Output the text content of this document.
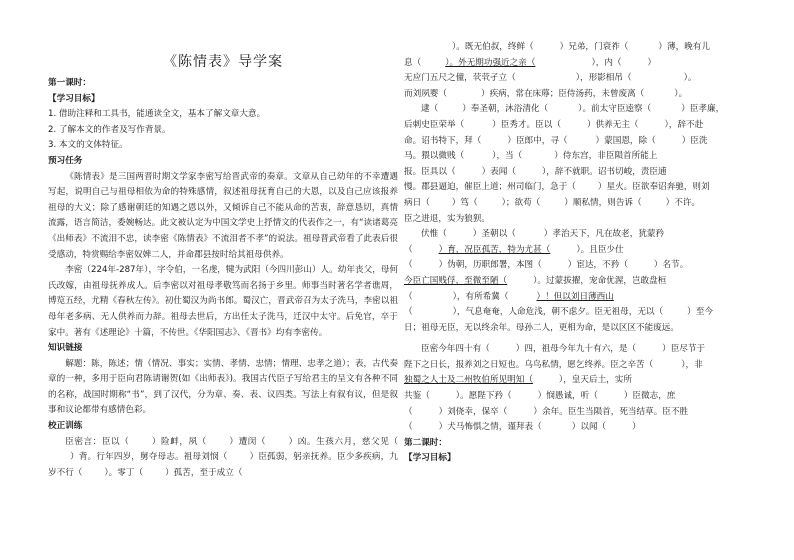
《陈情表》导学案
第一课时：
【学习目标】
1. 借助注释和工具书，能通读全文，基本了解文章大意。
2. 了解本文的作者及写作背景。
3. 本文的文体特征。
预习任务
《陈情表》是三国两晋时期文学家李密写给晋武帝的奏章。文章从自己幼年的不幸遭遇写起，说明自己与祖母相依为命的特殊感情，叙述祖母抚育自己的大恩，以及自己应该报养祖母的大义；除了感谢朝廷的知遇之恩以外，又倾诉自己不能从命的苦衷，辞意恳切，真情流露，语言简洁，委婉畅达。此文被认定为中国文学史上抒情文的代表作之一，有“读诸葛亮《出师表》不流泪不忠，读李密《陈情表》不流泪者不孝”的说法。祖母晋武帝看了此表后很受感动，特赏赐给李密奴婢二人，并命郡县按时给其祖母供养。
李密（224年-287年），字令伯，一名虔，犍为武阳（今四川彭山）人。幼年丧父，母何氏改嫁，由祖母抚养成人。后李密以对祖母孝敬笃而名扬于乡里。师事当时著名学者谯周，博览五经，尤精《春秋左传》。初仕蜀汉为尚书郎。蜀汉亡，晋武帝召为太子洗马，李密以祖母年老多病、无人供养而力辞。祖母去世后，方出任太子洗马，迁汉中太守。后免官，卒于家中。著有《述理论》十篇，不传世。《华阳国志》、《晋书》均有李密传。
知识链接
解题：陈，陈述；情（情况、事实；实情、孝情、忠情；情理、忠孝之道）；表，古代奏章的一种，多用于臣向君陈请谢贺(如《出师表》)。我国古代臣子写给君主的呈文有各种不同的名称，战国时期称“书”，到了汉代，分为章、奏、表、议四类。写法上有叙有议，但是叙事和议论都带有感情色彩。
校正训练
臣密言：臣以（	）险衅，夙（	）遭闵（	）凶。生孩六月，慈父见（）背。行年四岁，舅夺母志。祖母刘悯（	）臣孤弱，躬亲抚养。臣少多疾病，九岁不行（	）。零丁（	）孤苦，至于成立（
）。既无伯叔，终鲜（	）兄弟，门衰祚（	）薄，晚有儿
息（	）。外无期功强近之亲（	），内（	）
无应门五尺之僮，茕茕孑立（	），形影相吊（	）。
而刘夙婴（	）疾病，常在床蓐；臣侍汤药，未曾废离（	）。
逮（	）奉圣朝，沐浴清化（	）。前太守臣逵察（	）臣孝廉，
后刺史臣荣举（	）臣秀才。臣以（	）供养无主（	），辞不赴
命。诏书特下，拜（	）臣郎中，寻（	）蒙国恩，除（	）臣洗
马。猥以微贱（	），当（	）侍东宫，非臣陨首所能上
报。臣具以（	）表闻（	），辞不就职。诏书切峻，责臣逋
慢。郡县逼迫，催臣上道；州司临门，急于（	）星火。臣欲奉诏奔驰，则刘
病日（	）笃（	）；欲苟（	）顺私情，则告诉（	）不许。
臣之进退，实为狼狈。
伏惟（	）圣朝以（	）孝治天下，凡在故老，犹蒙矜
（	）育，况臣孤苦，特为尤甚（	）。且臣少仕
（	）伪朝，历职郎署，本图（	）宦达，不矜（	）名节。
今臣亡国贱俘，至微至陋（	）。过蒙拔擢，宠命优渥，岂敢盘桓
（	），有所希冀（	）！但以刘日薄西山
（	），气息奄奄，人命危浅，朝不虑夕。臣无祖母，无以（	）至今
日；祖母无臣，无以终余年。母孙二人，更相为命，是以区区不能废远。
臣密今年四十有（	）四，祖母今年九十有六，是（	）臣尽节于
陛下之日长，报养刘之日短也。乌鸟私情，愿乞终养。臣之辛苦（	），非
独蜀之人士及二州牧伯所见明知（	），皇天后土，实所
共鉴（	）。愿陛下矜（	）悯愚诚，听（	）臣微志，庶
（	）刘侥幸，保卒（	）余年。臣生当陨首，死当结草。臣不胜
（	）犬马怖惧之情，谨拜表（	）以闻（	）
第二课时：
【学习目标】
